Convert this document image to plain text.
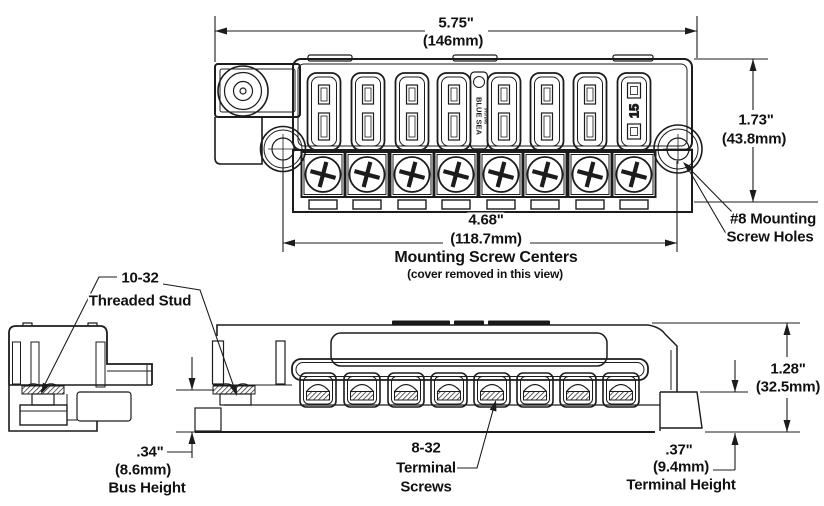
15
BLUE SEA SYSTEMS
5.75"
(146mm)
1.73"
(43.8mm)
4.68"
(118.7mm)
Mounting Screw Centers
(cover removed in this view)
#8 Mounting
Screw Holes
10-32
Threaded Stud
.34"
(8.6mm)
Bus Height
8-32
Terminal
Screws
.37"
(9.4mm)
Terminal Height
1.28"
(32.5mm)
